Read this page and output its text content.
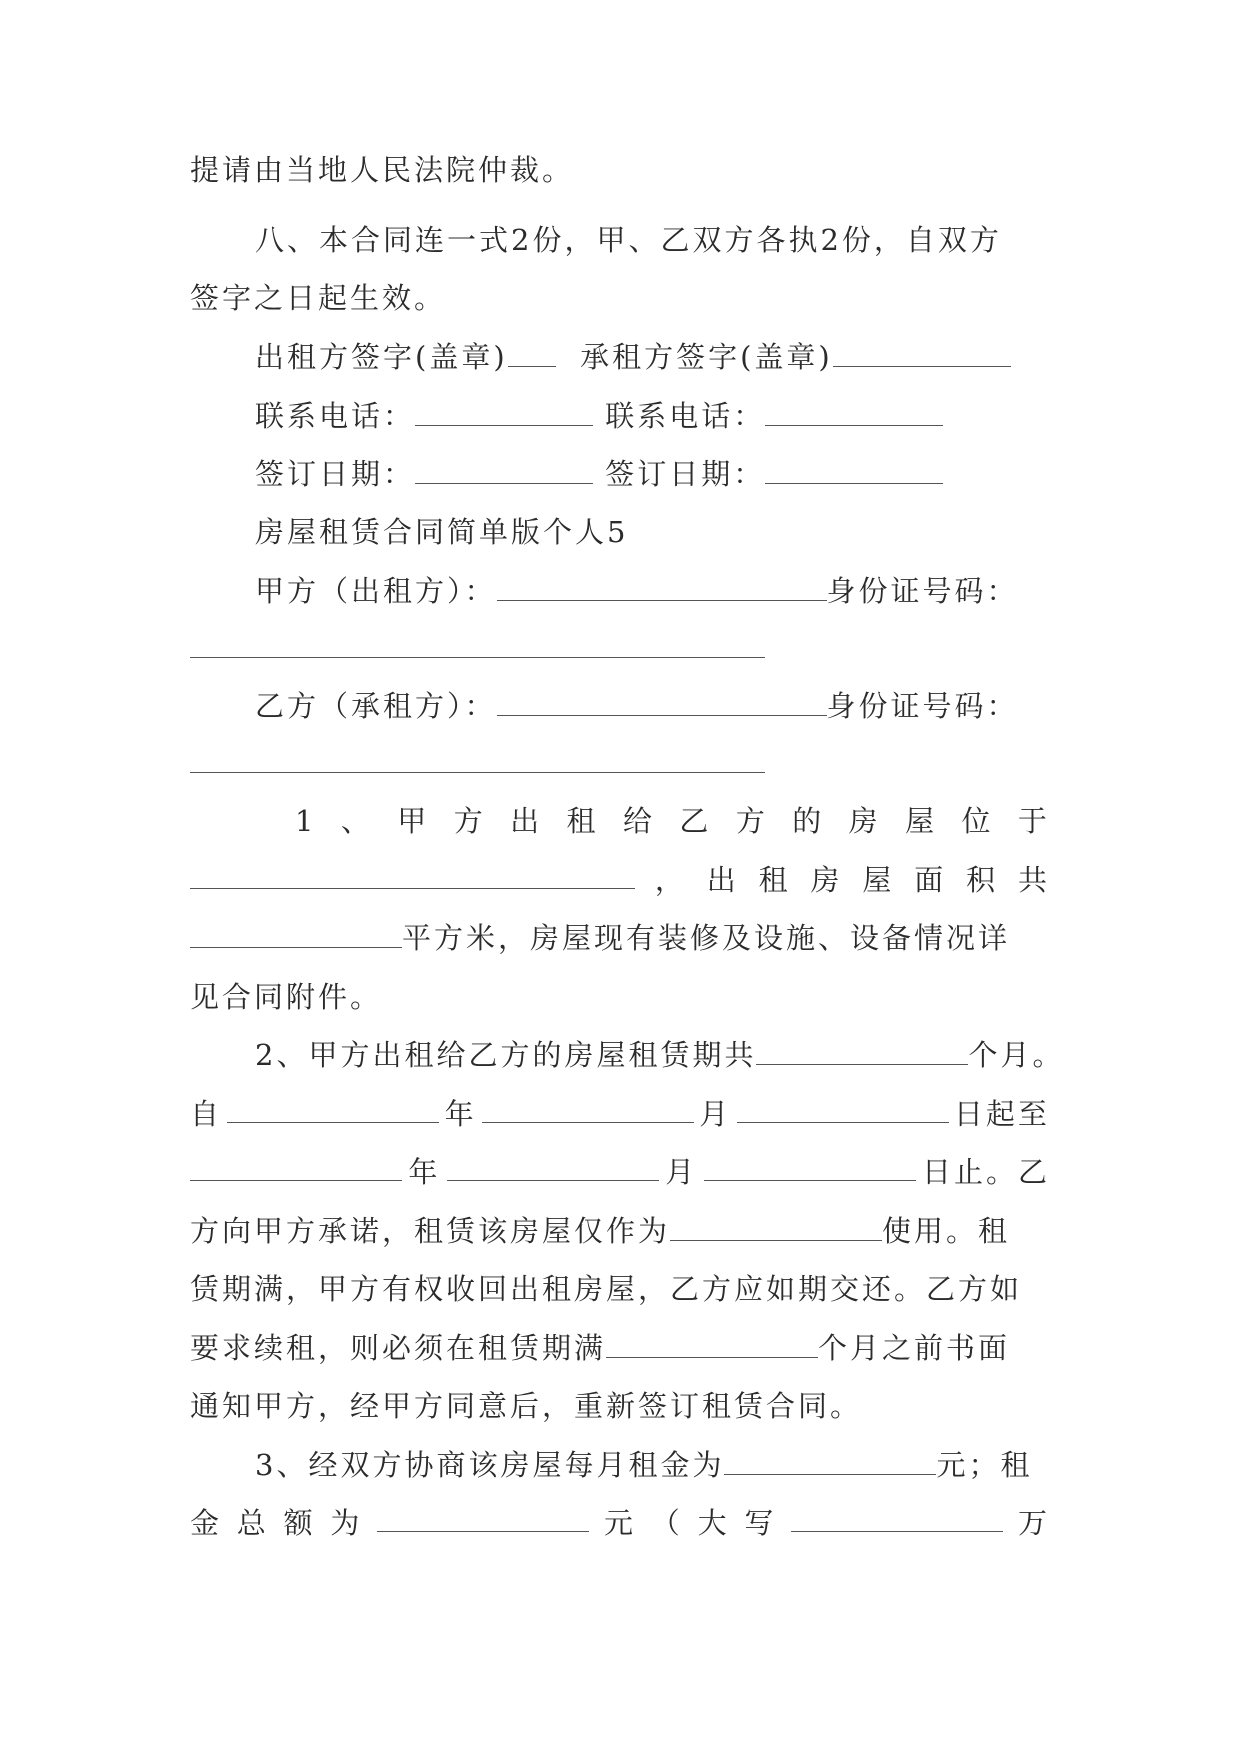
提请由当地人民法院仲裁。
八、本合同连一式2份，甲、乙双方各执2份，自双方
签字之日起生效。
出租方签字(盖章) 承租方签字(盖章)
联系电话：	联系电话：
签订日期：	签订日期：
房屋租赁合同简单版个人5
甲方（出租方）：	身份证号码：
乙方（承租方）：	身份证号码：
1 、 甲 方 出 租 给 乙 方 的 房 屋 位 于
， 出 租 房 屋 面 积 共
平方米，房屋现有装修及设施、设备情况详
见合同附件。
2、甲方出租给乙方的房屋租赁期共	个月。
自	年	月	日起至
年	月	日止。乙
方向甲方承诺，租赁该房屋仅作为	使用。租
赁期满，甲方有权收回出租房屋，乙方应如期交还。乙方如
要求续租，则必须在租赁期满	个月之前书面
通知甲方，经甲方同意后，重新签订租赁合同。
3、经双方协商该房屋每月租金为	元；租
金 总 额 为	元 （ 大 写	万
